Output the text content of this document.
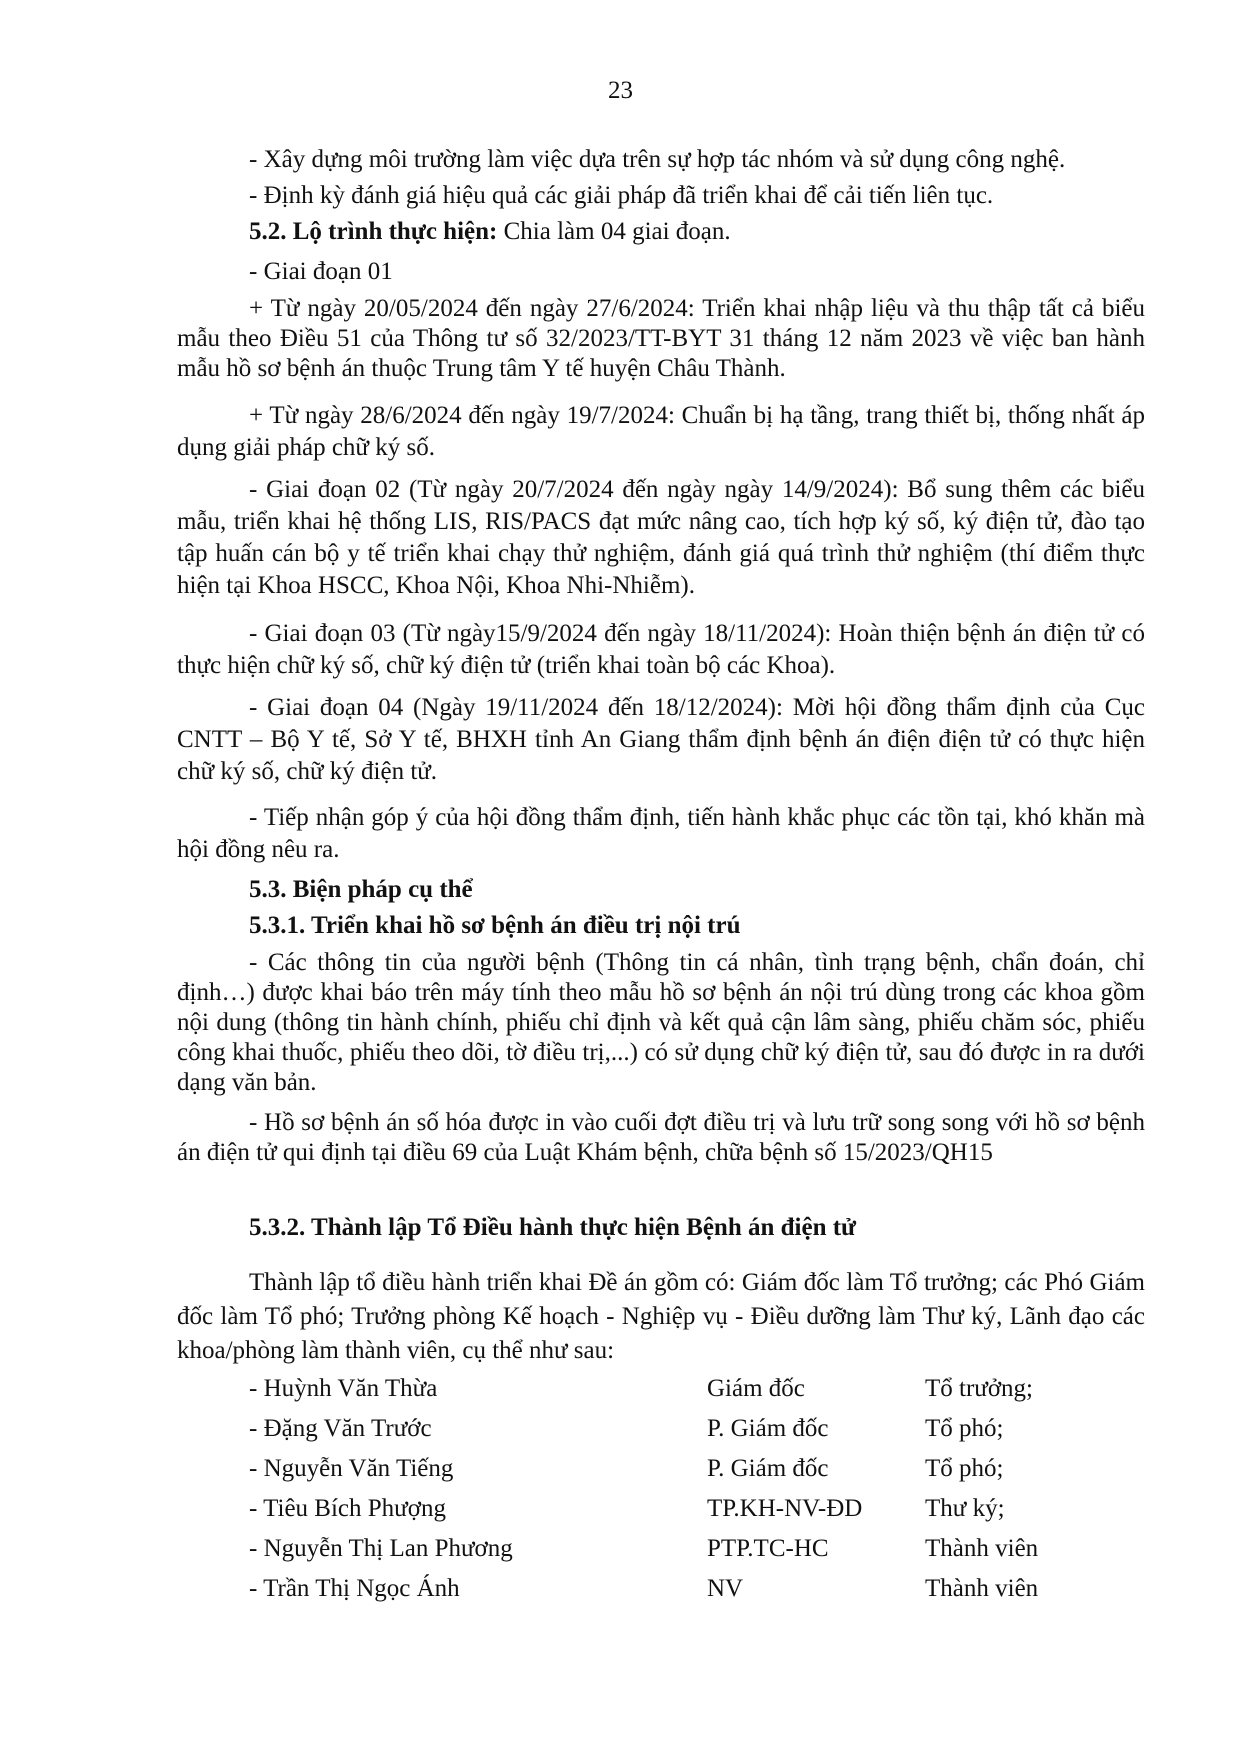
23
- Xây dựng môi trường làm việc dựa trên sự hợp tác nhóm và sử dụng công nghệ.
- Định kỳ đánh giá hiệu quả các giải pháp đã triển khai để cải tiến liên tục.
5.2. Lộ trình thực hiện: Chia làm 04 giai đoạn.
- Giai đoạn 01
+ Từ ngày 20/05/2024 đến ngày 27/6/2024: Triển khai nhập liệu và thu thập tất cả biểu mẫu theo Điều 51 của Thông tư số 32/2023/TT-BYT 31 tháng 12 năm 2023 về việc ban hành mẫu hồ sơ bệnh án thuộc Trung tâm Y tế huyện Châu Thành.
+ Từ ngày 28/6/2024 đến ngày 19/7/2024: Chuẩn bị hạ tầng, trang thiết bị, thống nhất áp dụng giải pháp chữ ký số.
- Giai đoạn 02 (Từ ngày 20/7/2024 đến ngày ngày 14/9/2024): Bổ sung thêm các biểu mẫu, triển khai hệ thống LIS, RIS/PACS đạt mức nâng cao, tích hợp ký số, ký điện tử, đào tạo tập huấn cán bộ y tế triển khai chạy thử nghiệm, đánh giá quá trình thử nghiệm (thí điểm thực hiện tại Khoa HSCC, Khoa Nội, Khoa Nhi-Nhiễm).
- Giai đoạn 03 (Từ ngày15/9/2024 đến ngày 18/11/2024): Hoàn thiện bệnh án điện tử có thực hiện chữ ký số, chữ ký điện tử (triển khai toàn bộ các Khoa).
- Giai đoạn 04 (Ngày 19/11/2024 đến 18/12/2024): Mời hội đồng thẩm định của Cục CNTT – Bộ Y tế, Sở Y tế, BHXH tỉnh An Giang thẩm định bệnh án điện điện tử có thực hiện chữ ký số, chữ ký điện tử.
- Tiếp nhận góp ý của hội đồng thẩm định, tiến hành khắc phục các tồn tại, khó khăn mà hội đồng nêu ra.
5.3. Biện pháp cụ thể
5.3.1. Triển khai hồ sơ bệnh án điều trị nội trú
- Các thông tin của người bệnh (Thông tin cá nhân, tình trạng bệnh, chẩn đoán, chỉ định…) được khai báo trên máy tính theo mẫu hồ sơ bệnh án nội trú dùng trong các khoa gồm nội dung (thông tin hành chính, phiếu chỉ định và kết quả cận lâm sàng, phiếu chăm sóc, phiếu công khai thuốc, phiếu theo dõi, tờ điều trị,...) có sử dụng chữ ký điện tử, sau đó được in ra dưới dạng văn bản.
- Hồ sơ bệnh án số hóa được in vào cuối đợt điều trị và lưu trữ song song với hồ sơ bệnh án điện tử qui định tại điều 69 của Luật Khám bệnh, chữa bệnh số 15/2023/QH15
5.3.2. Thành lập Tổ Điều hành thực hiện Bệnh án điện tử
Thành lập tổ điều hành triển khai Đề án gồm có: Giám đốc làm Tổ trưởng; các Phó Giám đốc làm Tổ phó; Trưởng phòng Kế hoạch - Nghiệp vụ - Điều dưỡng làm Thư ký, Lãnh đạo các khoa/phòng làm thành viên, cụ thể như sau:
- Huỳnh Văn Thừa	Giám đốc	Tổ trưởng;
- Đặng Văn Trước	P. Giám đốc	Tổ phó;
- Nguyễn Văn Tiếng	P. Giám đốc	Tổ phó;
- Tiêu Bích Phượng	TP.KH-NV-ĐD	Thư ký;
- Nguyễn Thị Lan Phương	PTP.TC-HC	Thành viên
- Trần Thị Ngọc Ánh	NV	Thành viên
